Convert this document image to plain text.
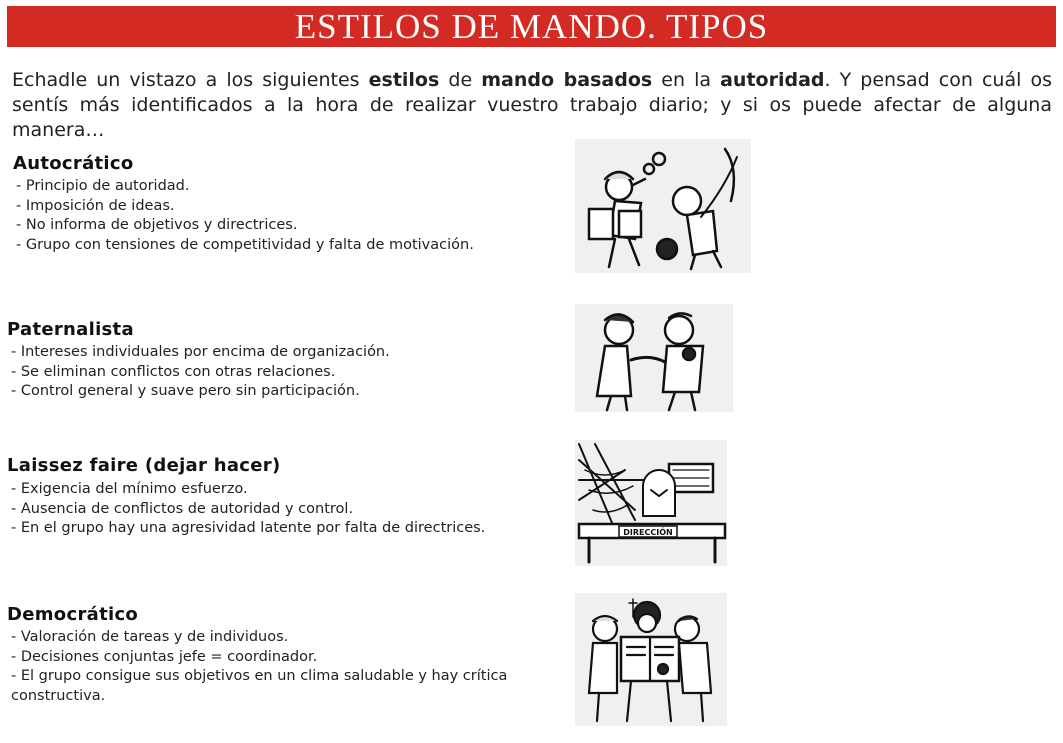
ESTILOS DE MANDO. TIPOS
Echadle un vistazo a los siguientes estilos de mando basados en la autoridad. Y pensad con cuál os sentís más identificados a la hora de realizar vuestro trabajo diario; y si os puede afectar de alguna manera…
Autocrático
- Principio de autoridad.
- Imposición de ideas.
- No informa de objetivos y directrices.
- Grupo con tensiones de competitividad y falta de motivación.
Paternalista
- Intereses individuales por encima de organización.
- Se eliminan conflictos con otras relaciones.
- Control general y suave pero sin participación.
Laissez faire (dejar hacer)
- Exigencia del mínimo esfuerzo.
- Ausencia de conflictos de autoridad y control.
- En el grupo hay una agresividad latente por falta de directrices.
Democrático
- Valoración de tareas y de individuos.
- Decisiones conjuntas jefe = coordinador.
- El grupo consigue sus objetivos en un clima saludable y hay crítica constructiva.
DIRECCIÓN
